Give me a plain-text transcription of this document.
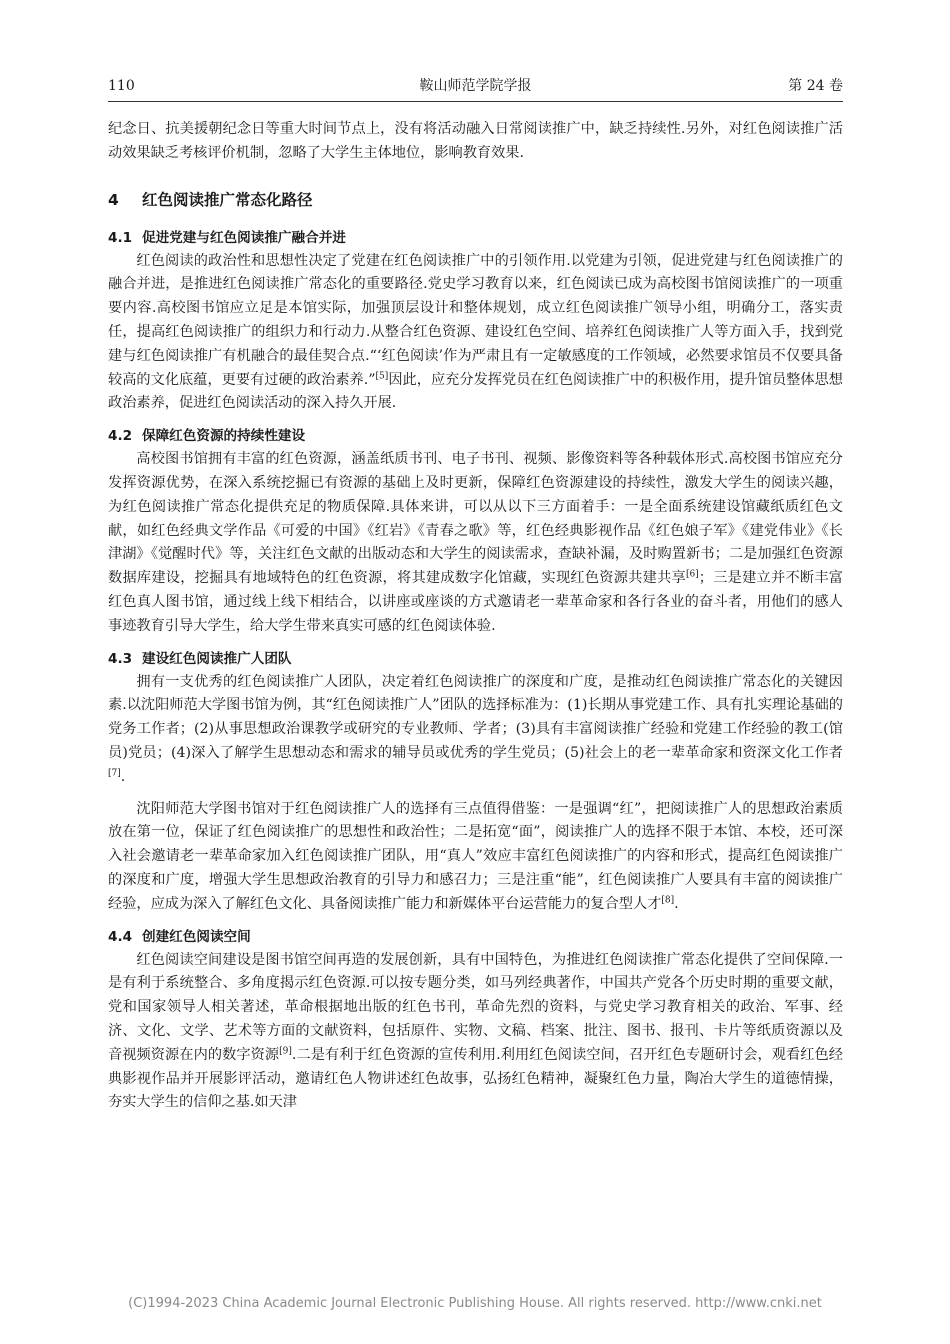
110	鞍山师范学院学报	第 24 卷

纪念日、抗美援朝纪念日等重大时间节点上，没有将活动融入日常阅读推广中，缺乏持续性.另外，对红色阅读推广活动效果缺乏考核评价机制，忽略了大学生主体地位，影响教育效果.

4 红色阅读推广常态化路径
4.1 促进党建与红色阅读推广融合并进

红色阅读的政治性和思想性决定了党建在红色阅读推广中的引领作用.以党建为引领，促进党建与红色阅读推广的融合并进，是推进红色阅读推广常态化的重要路径.党史学习教育以来，红色阅读已成为高校图书馆阅读推广的一项重要内容.高校图书馆应立足是本馆实际，加强顶层设计和整体规划，成立红色阅读推广领导小组，明确分工，落实责任，提高红色阅读推广的组织力和行动力.从整合红色资源、建设红色空间、培养红色阅读推广人等方面入手，找到党建与红色阅读推广有机融合的最佳契合点.“‘红色阅读’作为严肃且有一定敏感度的工作领域，必然要求馆员不仅要具备较高的文化底蕴，更要有过硬的政治素养.”[5]因此，应充分发挥党员在红色阅读推广中的积极作用，提升馆员整体思想政治素养，促进红色阅读活动的深入持久开展.

4.2 保障红色资源的持续性建设

高校图书馆拥有丰富的红色资源，涵盖纸质书刊、电子书刊、视频、影像资料等各种载体形式.高校图书馆应充分发挥资源优势，在深入系统挖掘已有资源的基础上及时更新，保障红色资源建设的持续性，激发大学生的阅读兴趣，为红色阅读推广常态化提供充足的物质保障.具体来讲，可以从以下三方面着手：一是全面系统建设馆藏纸质红色文献，如红色经典文学作品《可爱的中国》《红岩》《青春之歌》等，红色经典影视作品《红色娘子军》《建党伟业》《长津湖》《觉醒时代》等，关注红色文献的出版动态和大学生的阅读需求，查缺补漏，及时购置新书；二是加强红色资源数据库建设，挖掘具有地域特色的红色资源，将其建成数字化馆藏，实现红色资源共建共享[6]；三是建立并不断丰富红色真人图书馆，通过线上线下相结合，以讲座或座谈的方式邀请老一辈革命家和各行各业的奋斗者，用他们的感人事迹教育引导大学生，给大学生带来真实可感的红色阅读体验.

4.3 建设红色阅读推广人团队

拥有一支优秀的红色阅读推广人团队，决定着红色阅读推广的深度和广度，是推动红色阅读推广常态化的关键因素.以沈阳师范大学图书馆为例，其“红色阅读推广人”团队的选择标准为：(1)长期从事党建工作、具有扎实理论基础的党务工作者；(2)从事思想政治课教学或研究的专业教师、学者；(3)具有丰富阅读推广经验和党建工作经验的教工(馆员)党员；(4)深入了解学生思想动态和需求的辅导员或优秀的学生党员；(5)社会上的老一辈革命家和资深文化工作者[7].

沈阳师范大学图书馆对于红色阅读推广人的选择有三点值得借鉴：一是强调“红”，把阅读推广人的思想政治素质放在第一位，保证了红色阅读推广的思想性和政治性；二是拓宽“面”，阅读推广人的选择不限于本馆、本校，还可深入社会邀请老一辈革命家加入红色阅读推广团队，用“真人”效应丰富红色阅读推广的内容和形式，提高红色阅读推广的深度和广度，增强大学生思想政治教育的引导力和感召力；三是注重“能”，红色阅读推广人要具有丰富的阅读推广经验，应成为深入了解红色文化、具备阅读推广能力和新媒体平台运营能力的复合型人才[8].

4.4 创建红色阅读空间

红色阅读空间建设是图书馆空间再造的发展创新，具有中国特色，为推进红色阅读推广常态化提供了空间保障.一是有利于系统整合、多角度揭示红色资源.可以按专题分类，如马列经典著作，中国共产党各个历史时期的重要文献，党和国家领导人相关著述，革命根据地出版的红色书刊，革命先烈的资料，与党史学习教育相关的政治、军事、经济、文化、文学、艺术等方面的文献资料，包括原件、实物、文稿、档案、批注、图书、报刊、卡片等纸质资源以及音视频资源在内的数字资源[9].二是有利于红色资源的宣传利用.利用红色阅读空间，召开红色专题研讨会，观看红色经典影视作品并开展影评活动，邀请红色人物讲述红色故事，弘扬红色精神，凝聚红色力量，陶冶大学生的道德情操，夯实大学生的信仰之基.如天津

(C)1994-2023 China Academic Journal Electronic Publishing House. All rights reserved. http://www.cnki.net
